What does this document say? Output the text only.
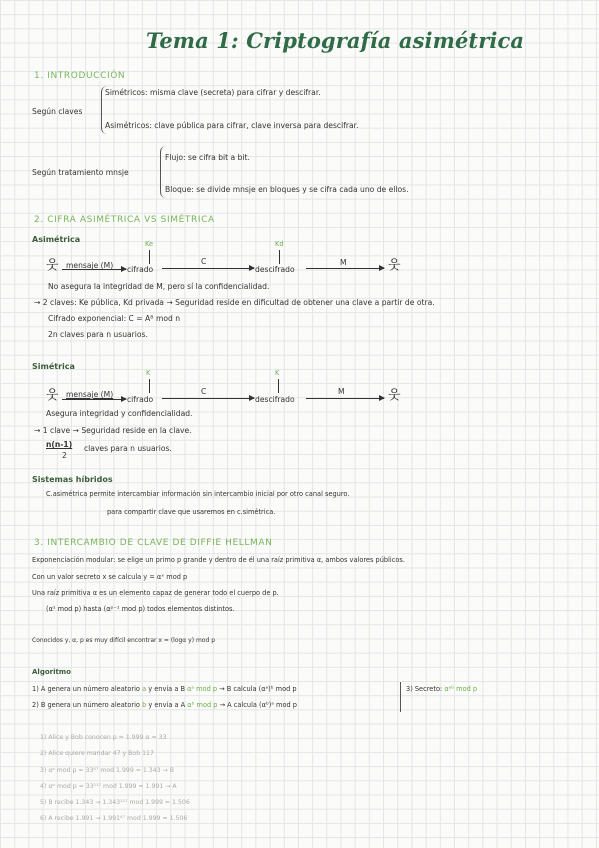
Tema 1: Criptografía asimétrica
1. INTRODUCCIÓN
Según claves
Simétricos: misma clave (secreta) para cifrar y descifrar.
Asimétricos: clave pública para cifrar, clave inversa para descifrar.
Según tratamiento mnsje
Flujo: se cifra bit a bit.
Bloque: se divide mnsje en bloques y se cifra cada uno de ellos.
2. CIFRA ASIMÉTRICA VS SIMÉTRICA
Asimétrica
웃
Ke	Kd
mensaje (M) cifrado
C
descifrado
M	웃
No asegura la integridad de M, pero sí la confidencialidad.
→ 2 claves: Ke pública, Kd privada → Seguridad reside en dificultad de obtener una clave a partir de otra.
Cifrado exponencial: C = Aᴮ mod n
2n claves para n usuarios.
Simétrica
웃
K	K
mensaje (M)
cifrado
C
descifrado
M	웃
Asegura integridad y confidencialidad.
→ 1 clave → Seguridad reside en la clave.
n(n-1)
2
claves para n usuarios.
Sistemas híbridos
C.asimétrica permite intercambiar información sin intercambio inicial por otro canal seguro.
para compartir clave que usaremos en c.simétrica.
3. INTERCAMBIO DE CLAVE DE DIFFIE HELLMAN
Exponenciación modular: se elige un primo p grande y dentro de él una raíz primitiva α, ambos valores públicos.
Con un valor secreto x se calcula y = αˣ mod p
Una raíz primitiva α es un elemento capaz de generar todo el cuerpo de p.
(α¹ mod p) hasta (αᵖ⁻¹ mod p) todos elementos distintos.
Conocidos y, α, p es muy difícil encontrar x = (logα y) mod p
Algoritmo
1) A genera un número aleatorio a y envía a B αᵃ mod p → B calcula (αᵃ)ᵇ mod p
2) B genera un número aleatorio b y envía a A αᵇ mod p → A calcula (αᵇ)ᵃ mod p
3) Secreto: αᵃᵇ mod p
1) Alice y Bob conocen p = 1.999 α = 33
2) Alice quiere mandar 47 y Bob 117
3) αᵃ mod p = 33⁴⁷ mod 1.999 = 1.343 → B
4) αᵇ mod p = 33¹¹⁷ mod 1.999 = 1.991 → A
5) B recibe 1.343 → 1.343¹¹⁷ mod 1.999 = 1.506
6) A recibe 1.991 → 1.991⁴⁷ mod 1.999 = 1.506
